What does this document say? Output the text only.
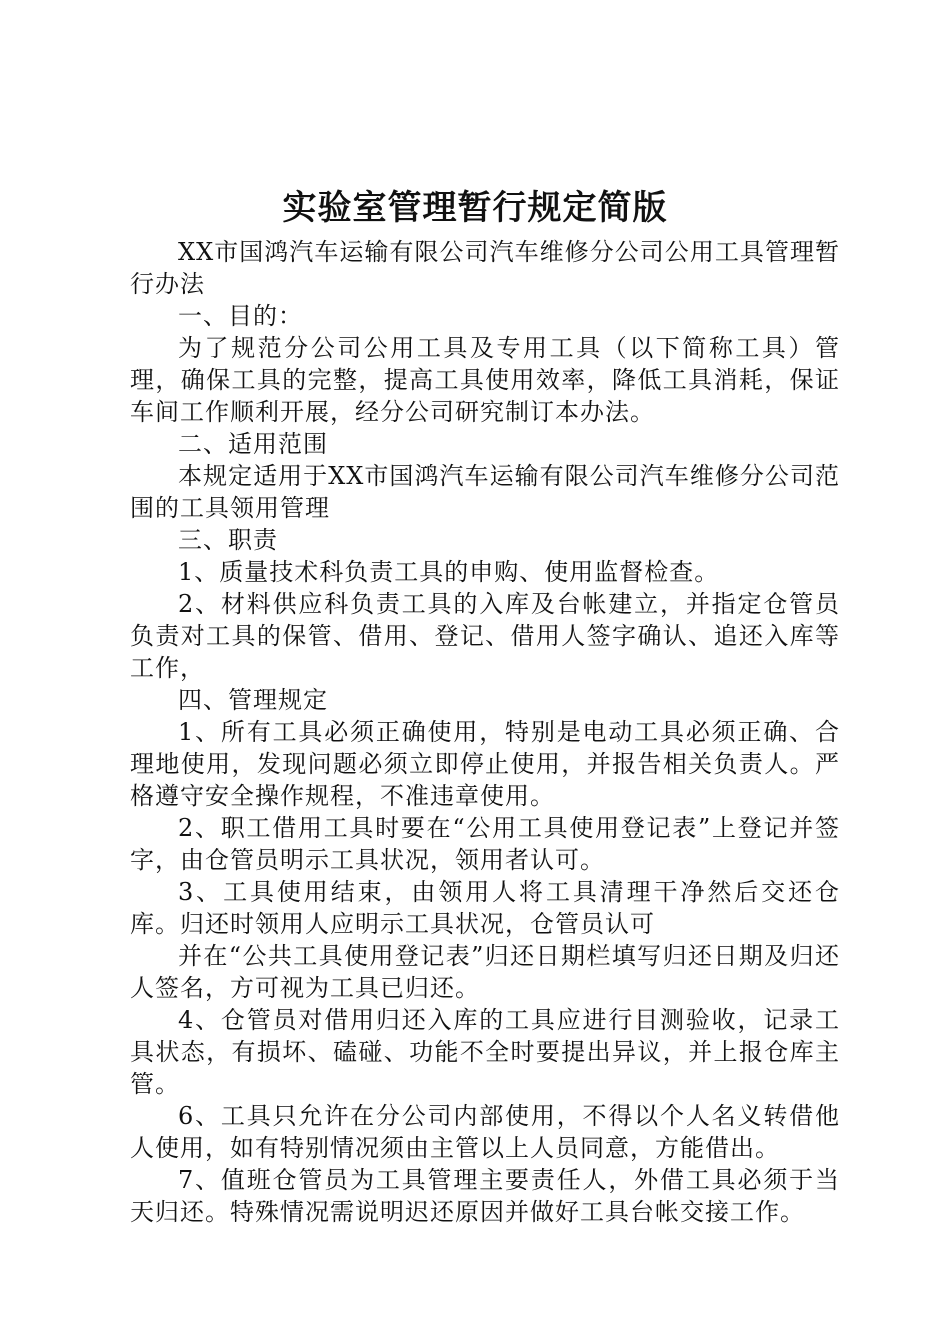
实验室管理暂行规定简版

XX市国鸿汽车运输有限公司汽车维修分公司公用工具管理暂行办法

一、目的：

为了规范分公司公用工具及专用工具（以下简称工具）管理，确保工具的完整，提高工具使用效率，降低工具消耗，保证车间工作顺利开展，经分公司研究制订本办法。

二、适用范围

本规定适用于XX市国鸿汽车运输有限公司汽车维修分公司范围的工具领用管理

三、职责

1、质量技术科负责工具的申购、使用监督检查。

2、材料供应科负责工具的入库及台帐建立，并指定仓管员负责对工具的保管、借用、登记、借用人签字确认、追还入库等工作，

四、管理规定

1、所有工具必须正确使用，特别是电动工具必须正确、合理地使用，发现问题必须立即停止使用，并报告相关负责人。严格遵守安全操作规程，不准违章使用。

2、职工借用工具时要在“公用工具使用登记表”上登记并签字，由仓管员明示工具状况，领用者认可。

3、工具使用结束，由领用人将工具清理干净然后交还仓库。归还时领用人应明示工具状况，仓管员认可

并在“公共工具使用登记表”归还日期栏填写归还日期及归还人签名，方可视为工具已归还。

4、仓管员对借用归还入库的工具应进行目测验收，记录工具状态，有损坏、磕碰、功能不全时要提出异议，并上报仓库主管。

6、工具只允许在分公司内部使用，不得以个人名义转借他人使用，如有特别情况须由主管以上人员同意，方能借出。

7、值班仓管员为工具管理主要责任人，外借工具必须于当天归还。特殊情况需说明迟还原因并做好工具台帐交接工作。
